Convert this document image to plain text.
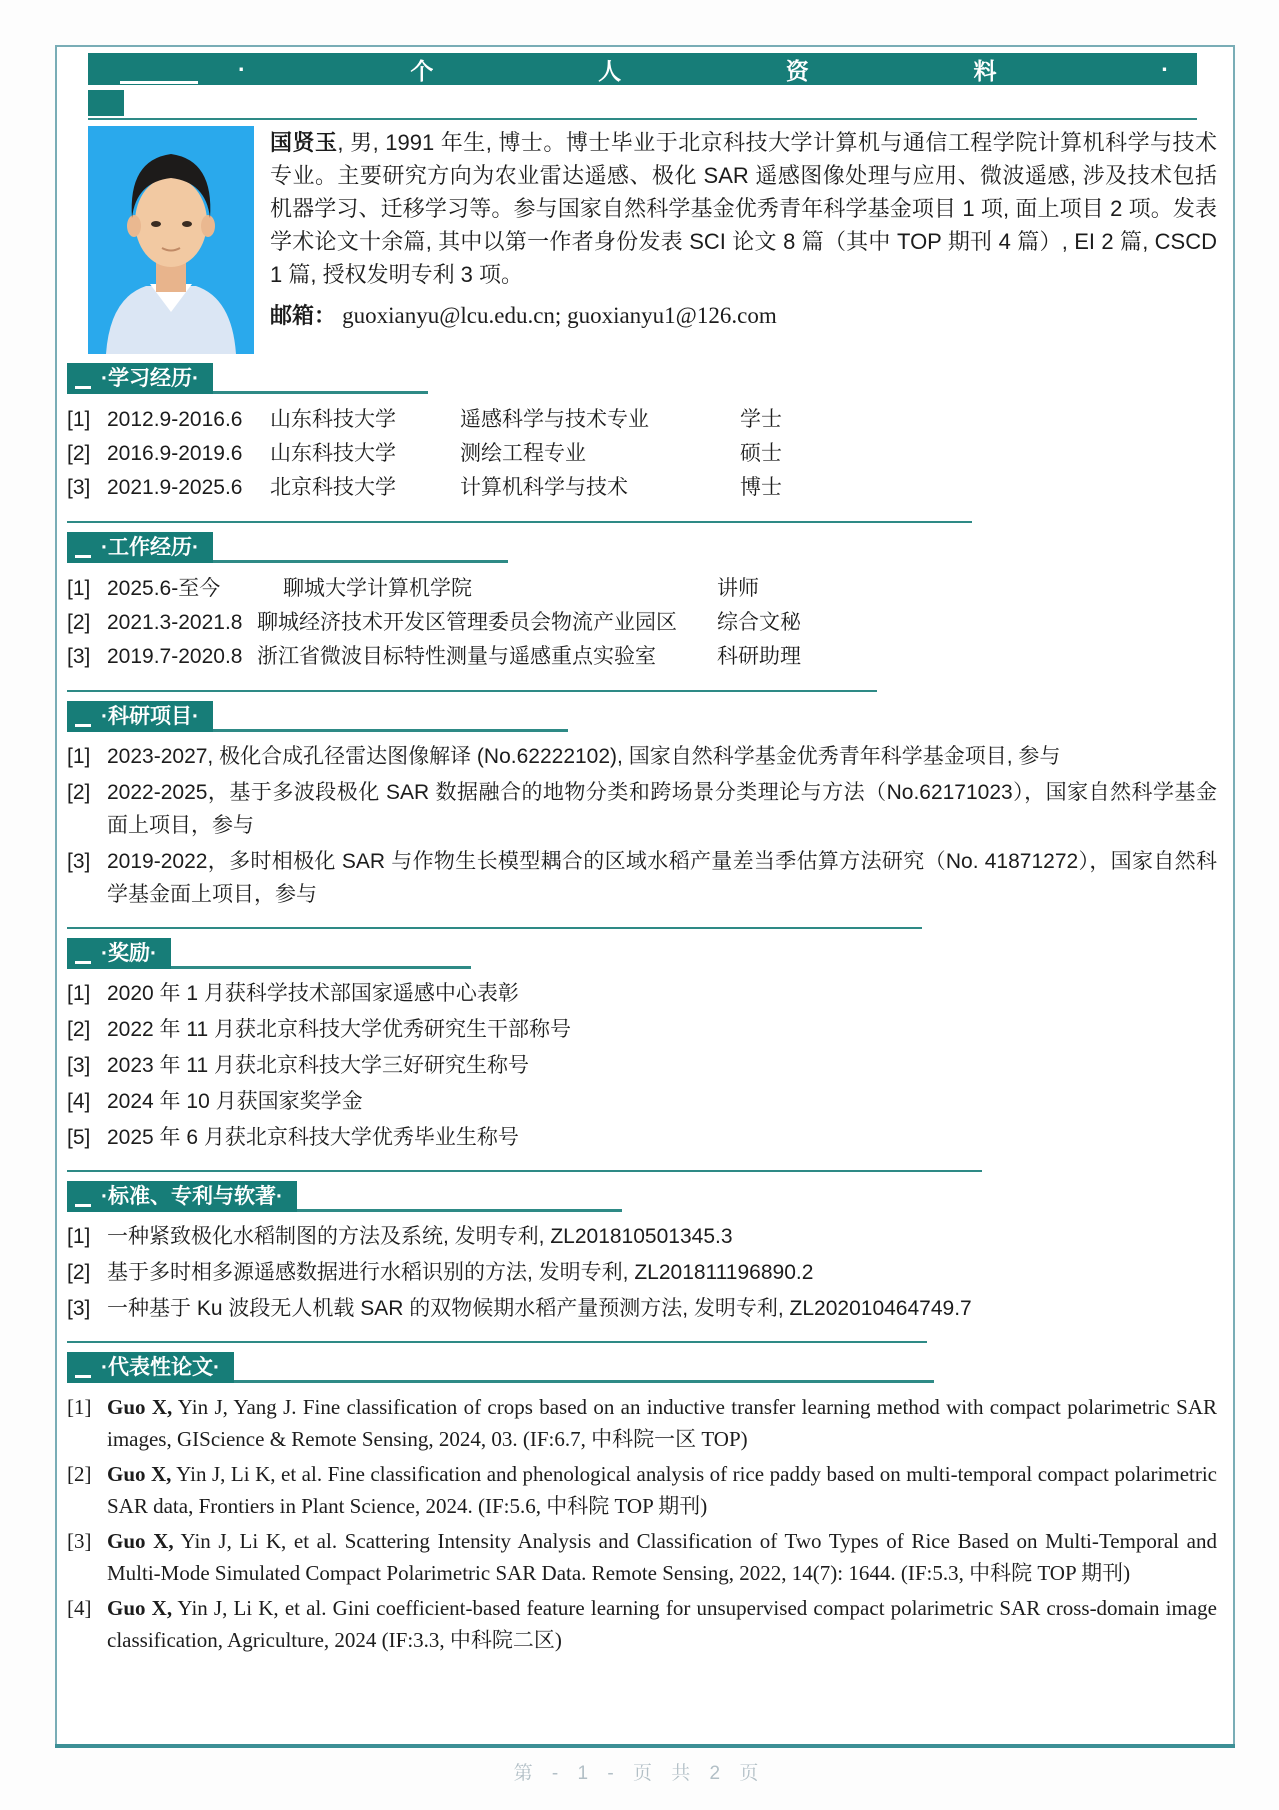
·	个	人	资	料	·
国贤玉, 男, 1991 年生, 博士。博士毕业于北京科技大学计算机与通信工程学院计算机科学与技术专业。主要研究方向为农业雷达遥感、极化 SAR 遥感图像处理与应用、微波遥感, 涉及技术包括机器学习、迁移学习等。参与国家自然科学基金优秀青年科学基金项目 1 项, 面上项目 2 项。发表学术论文十余篇, 其中以第一作者身份发表 SCI 论文 8 篇（其中 TOP 期刊 4 篇）, EI 2 篇, CSCD 1 篇, 授权发明专利 3 项。
邮箱： guoxianyu@lcu.edu.cn; guoxianyu1@126.com
·学习经历·
[1] 2012.9-2016.6	山东科技大学	遥感科学与技术专业	学士
[2] 2016.9-2019.6	山东科技大学	测绘工程专业	硕士
[3] 2021.9-2025.6	北京科技大学	计算机科学与技术	博士
·工作经历·
[1] 2025.6-至今	聊城大学计算机学院	讲师
[2] 2021.3-2021.8 聊城经济技术开发区管理委员会物流产业园区	综合文秘
[3] 2019.7-2020.8 浙江省微波目标特性测量与遥感重点实验室	科研助理
·科研项目·
[1] 2023-2027, 极化合成孔径雷达图像解译 (No.62222102), 国家自然科学基金优秀青年科学基金项目, 参与
[2] 2022-2025，基于多波段极化 SAR 数据融合的地物分类和跨场景分类理论与方法（No.62171023），国家自然科学基金面上项目，参与
[3] 2019-2022，多时相极化 SAR 与作物生长模型耦合的区域水稻产量差当季估算方法研究（No. 41871272），国家自然科学基金面上项目，参与
·奖励·
[1] 2020 年 1 月获科学技术部国家遥感中心表彰
[2] 2022 年 11 月获北京科技大学优秀研究生干部称号
[3] 2023 年 11 月获北京科技大学三好研究生称号
[4] 2024 年 10 月获国家奖学金
[5] 2025 年 6 月获北京科技大学优秀毕业生称号
·标准、专利与软著·
[1] 一种紧致极化水稻制图的方法及系统, 发明专利, ZL201810501345.3
[2] 基于多时相多源遥感数据进行水稻识别的方法, 发明专利, ZL201811196890.2
[3] 一种基于 Ku 波段无人机载 SAR 的双物候期水稻产量预测方法, 发明专利, ZL202010464749.7
·代表性论文·
[1] Guo X, Yin J, Yang J. Fine classification of crops based on an inductive transfer learning method with compact polarimetric SAR images, GIScience & Remote Sensing, 2024, 03. (IF:6.7, 中科院一区 TOP)
[2] Guo X, Yin J, Li K, et al. Fine classification and phenological analysis of rice paddy based on multi-temporal compact polarimetric SAR data, Frontiers in Plant Science, 2024. (IF:5.6, 中科院 TOP 期刊)
[3] Guo X, Yin J, Li K, et al. Scattering Intensity Analysis and Classification of Two Types of Rice Based on Multi-Temporal and Multi-Mode Simulated Compact Polarimetric SAR Data. Remote Sensing, 2022, 14(7): 1644. (IF:5.3, 中科院 TOP 期刊)
[4] Guo X, Yin J, Li K, et al. Gini coefficient-based feature learning for unsupervised compact polarimetric SAR cross-domain image classification, Agriculture, 2024 (IF:3.3, 中科院二区)
第 - 1 - 页 共 2 页
